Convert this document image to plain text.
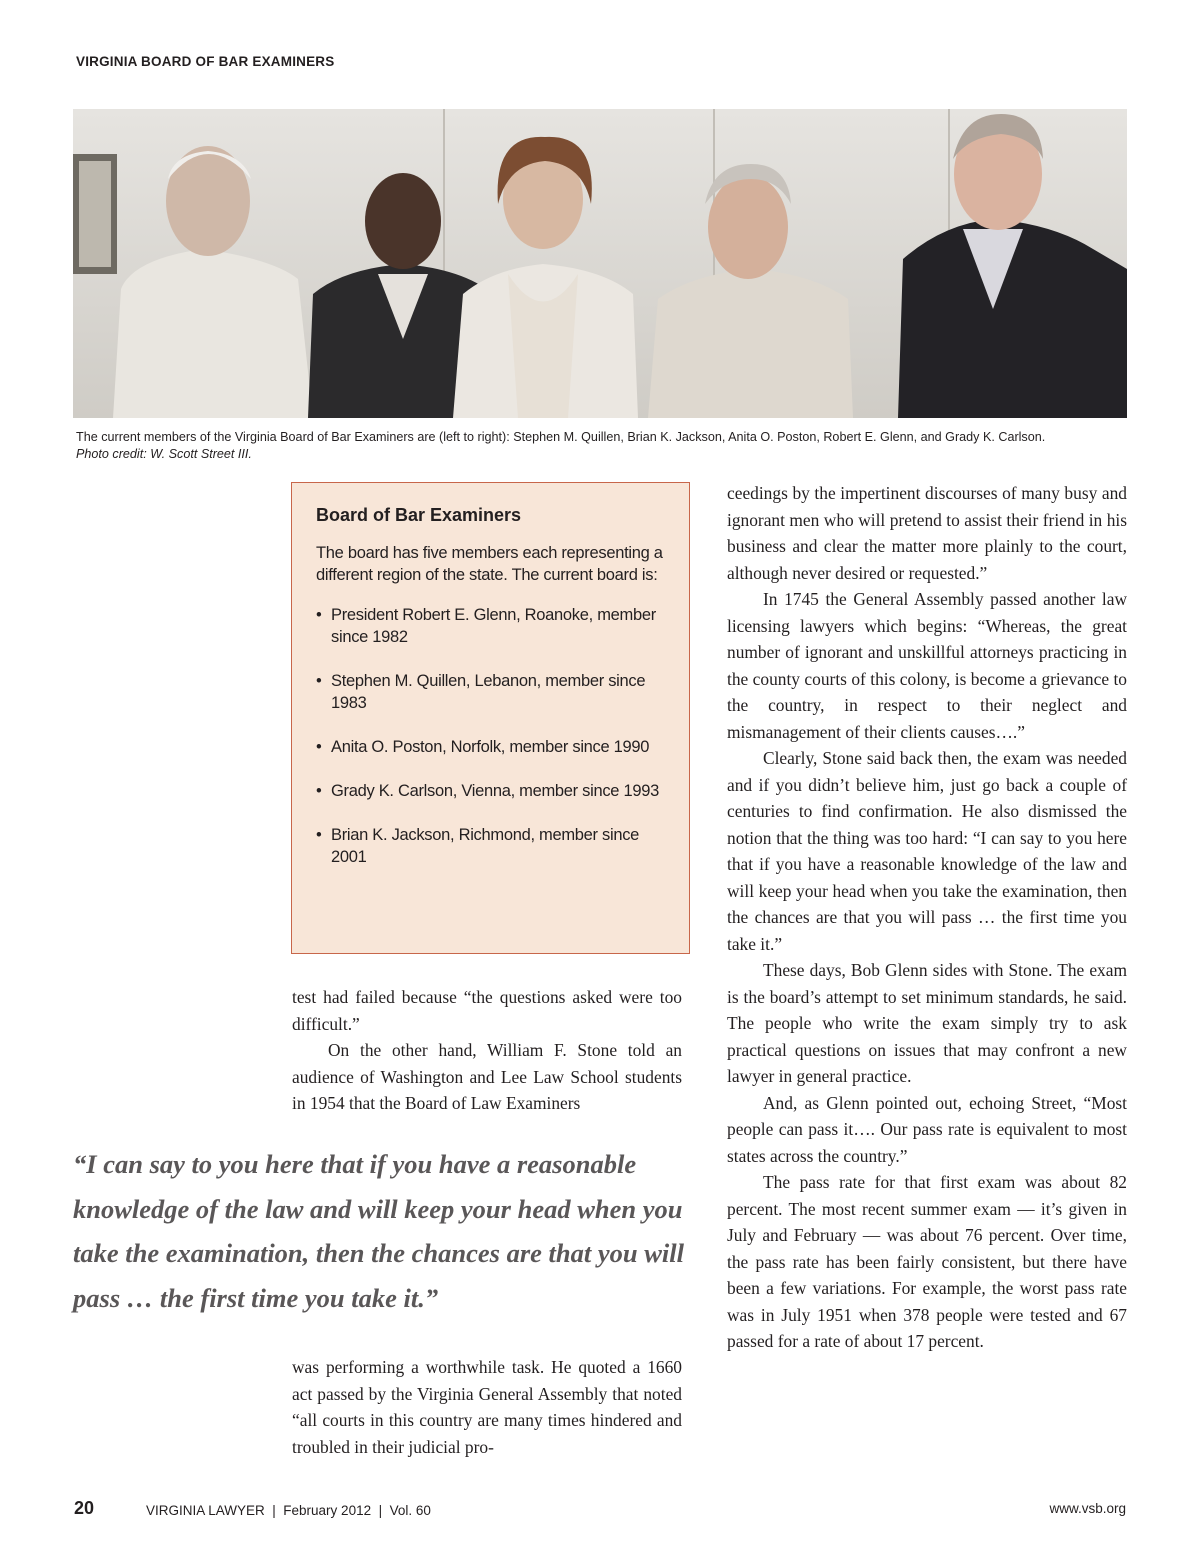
VIRGINIA BOARD OF BAR EXAMINERS
The current members of the Virginia Board of Bar Examiners are (left to right): Stephen M. Quillen, Brian K. Jackson, Anita O. Poston, Robert E. Glenn, and Grady K. Carlson.
Photo credit: W. Scott Street III.
Board of Bar Examiners

The board has five members each representing a different region of the state. The current board is:

• President Robert E. Glenn, Roanoke, member since 1982
• Stephen M. Quillen, Lebanon, member since 1983
• Anita O. Poston, Norfolk, member since 1990
• Grady K. Carlson, Vienna, member since 1993
• Brian K. Jackson, Richmond, member since 2001

test had failed because “the questions asked were too difficult.”

On the other hand, William F. Stone told an audience of Washington and Lee Law School students in 1954 that the Board of Law Examiners

“I can say to you here that if you have a reasonable knowledge of the law and will keep your head when you take the examination, then the chances are that you will pass … the first time you take it.”

was performing a worthwhile task. He quoted a 1660 act passed by the Virginia General Assembly that noted “all courts in this country are many times hindered and troubled in their judicial pro-

ceedings by the impertinent discourses of many busy and ignorant men who will pretend to assist their friend in his business and clear the matter more plainly to the court, although never desired or requested.”

In 1745 the General Assembly passed another law licensing lawyers which begins: “Whereas, the great number of ignorant and unskillful attorneys practicing in the county courts of this colony, is become a grievance to the country, in respect to their neglect and mismanagement of their clients causes….”

Clearly, Stone said back then, the exam was needed and if you didn’t believe him, just go back a couple of centuries to find confirmation. He also dismissed the notion that the thing was too hard: “I can say to you here that if you have a reasonable knowledge of the law and will keep your head when you take the examination, then the chances are that you will pass … the first time you take it.”

These days, Bob Glenn sides with Stone. The exam is the board’s attempt to set minimum standards, he said. The people who write the exam simply try to ask practical questions on issues that may confront a new lawyer in general practice.

And, as Glenn pointed out, echoing Street, “Most people can pass it…. Our pass rate is equivalent to most states across the country.”

The pass rate for that first exam was about 82 percent. The most recent summer exam — it’s given in July and February — was about 76 percent. Over time, the pass rate has been fairly consistent, but there have been a few variations. For example, the worst pass rate was in July 1951 when 378 people were tested and 67 passed for a rate of about 17 percent.

20	VIRGINIA LAWYER  |  February 2012  |  Vol. 60	www.vsb.org
